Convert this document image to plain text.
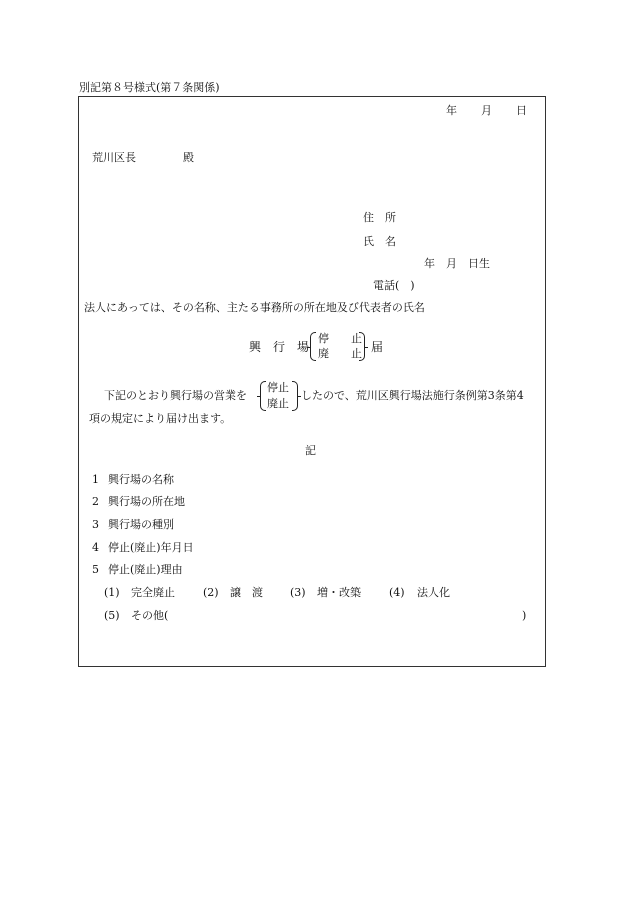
別記第８号様式(第７条関係)
年 月 日
荒川区長	殿
住　所
氏　名
年　月　日生
電話(　)
法人にあっては、その名称、主たる事務所の所在地及び代表者の氏名
興　行　場
停　　止
廃　　止 届
下記のとおり興行場の営業を
停止
廃止
したので、荒川区興行場法施行条例第3条第4
項の規定により届け出ます。
記
1 興行場の名称
2 興行場の所在地
3 興行場の種別
4 停止(廃止)年月日
5 停止(廃止)理由
(1) 完全廃止	(2) 譲　渡 (3) 増・改築	(4) 法人化
(5) その他(	)
